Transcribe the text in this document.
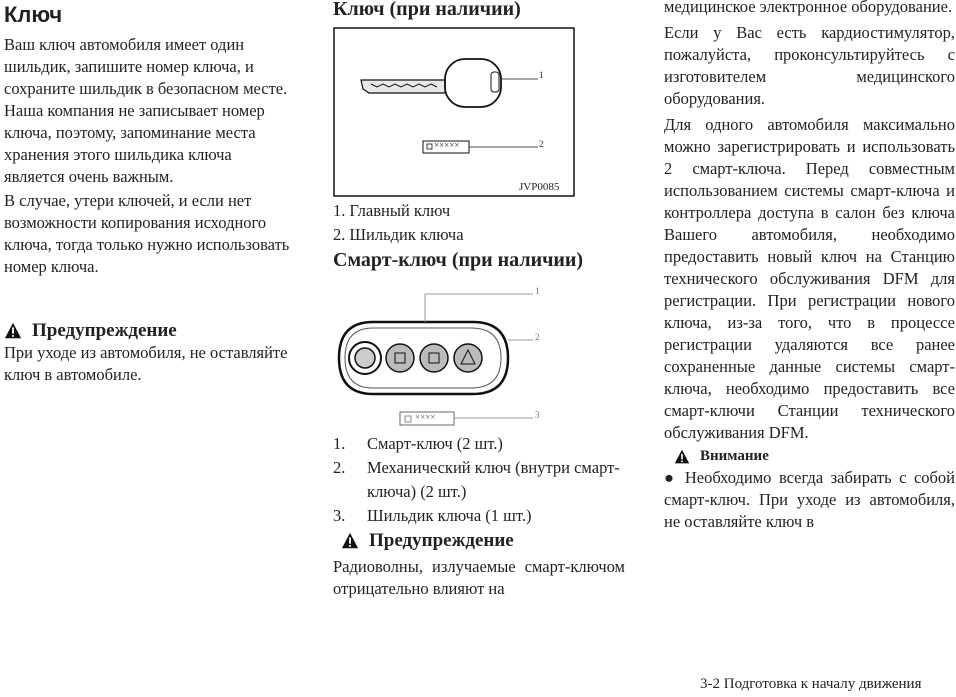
Ключ

Ваш ключ автомобиля имеет один шильдик, запишите номер ключа, и сохраните шильдик в безопасном месте. Наша компания не записывает номер ключа, поэтому, запоминание места хранения этого шильдика ключа является очень важным.

В случае, утери ключей, и если нет возможности копирования исходного ключа, тогда только нужно использовать номер ключа.

Предупреждение

При уходе из автомобиля, не оставляйте ключ в автомобиле.

Ключ (при наличии)
1
2
×××××
JVP0085
1. Главный ключ
2. Шильдик ключа
Смарт-ключ (при наличии)
1
2
3
××××
1.	Смарт-ключ (2 шт.)
2.	Механический ключ (внутри смарт-ключа) (2 шт.)
3.	Шильдик ключа (1 шт.)
Предупреждение

Радиоволны, излучаемые смарт-ключом отрицательно влияют на

медицинское электронное оборудование.

Если у Вас есть кардиостимулятор, пожалуйста, проконсультируйтесь с изготовителем медицинского оборудования.

Для одного автомобиля максимально можно зарегистрировать и использовать 2 смарт-ключа. Перед совместным использованием системы смарт-ключа и контроллера доступа в салон без ключа Вашего автомобиля, необходимо предоставить новый ключ на Станцию технического обслуживания DFM для регистрации. При регистрации нового ключа, из-за того, что в процессе регистрации удаляются все ранее сохраненные данные системы смарт-ключа, необходимо предоставить все смарт-ключи Станции технического обслуживания DFM.

Внимание

● Необходимо всегда забирать с собой смарт-ключ. При уходе из автомобиля, не оставляйте ключ в

3-2 Подготовка к началу движения
